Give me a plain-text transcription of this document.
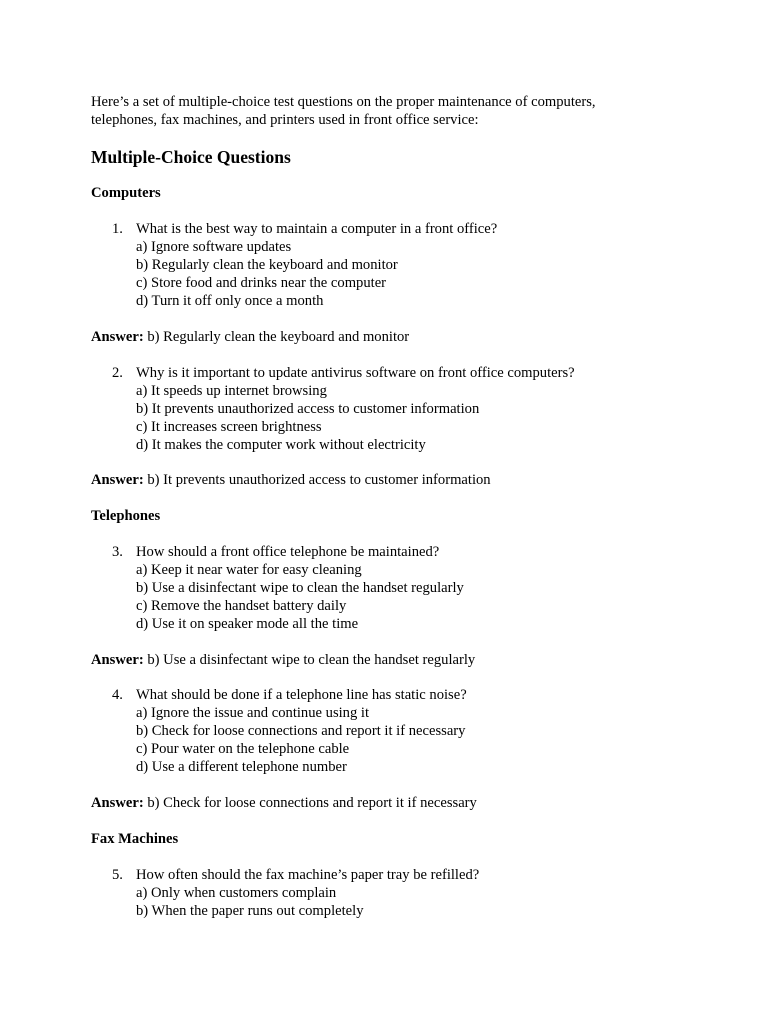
Here’s a set of multiple-choice test questions on the proper maintenance of computers,
telephones, fax machines, and printers used in front office service:
Multiple-Choice Questions
Computers
1. What is the best way to maintain a computer in a front office?
a) Ignore software updates
b) Regularly clean the keyboard and monitor
c) Store food and drinks near the computer
d) Turn it off only once a month
Answer: b) Regularly clean the keyboard and monitor
2. Why is it important to update antivirus software on front office computers?
a) It speeds up internet browsing
b) It prevents unauthorized access to customer information
c) It increases screen brightness
d) It makes the computer work without electricity
Answer: b) It prevents unauthorized access to customer information
Telephones
3. How should a front office telephone be maintained?
a) Keep it near water for easy cleaning
b) Use a disinfectant wipe to clean the handset regularly
c) Remove the handset battery daily
d) Use it on speaker mode all the time
Answer: b) Use a disinfectant wipe to clean the handset regularly
4. What should be done if a telephone line has static noise?
a) Ignore the issue and continue using it
b) Check for loose connections and report it if necessary
c) Pour water on the telephone cable
d) Use a different telephone number
Answer: b) Check for loose connections and report it if necessary
Fax Machines
5. How often should the fax machine’s paper tray be refilled?
a) Only when customers complain
b) When the paper runs out completely
